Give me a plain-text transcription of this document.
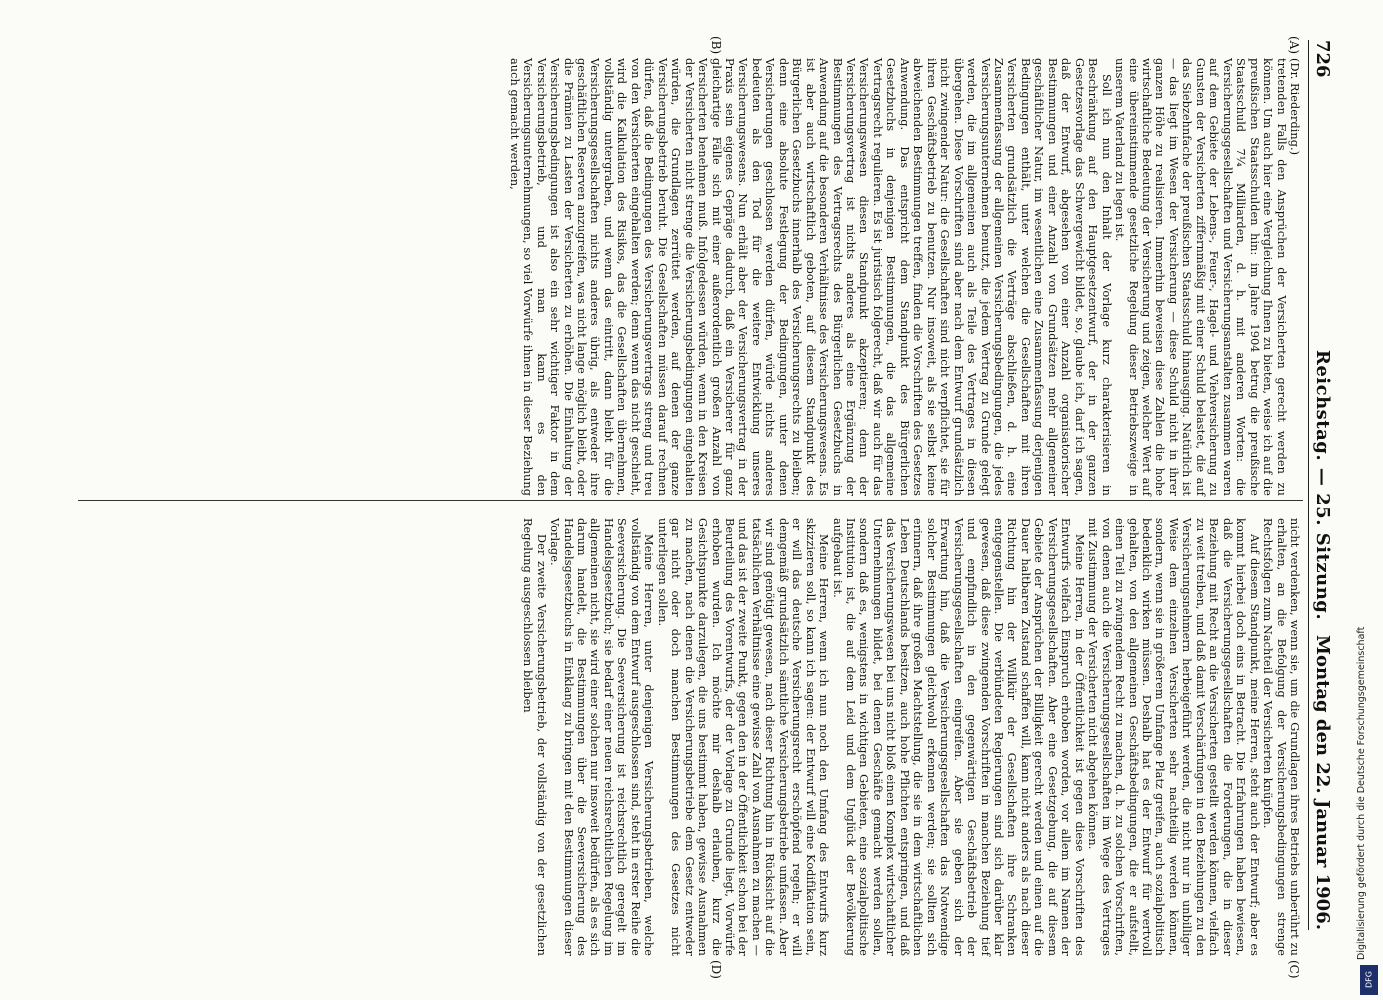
726
Reichstag. — 25. Sitzung.
Montag den 22. Januar 1906.
(A)
(B)
(C)
(D)

(Dr. Riederding.)

tretenden Falls den Ansprüchen der Versicherten gerecht werden zu können. Um auch hier eine Vergleichung Ihnen zu bieten, weise ich auf die preußischen Staatsschulden hin: im Jahre 1904 betrug die preußische Staatsschuld 7¼ Milliarden, d. h. mit anderen Worten: die Versicherungsgesellschaften und Versicherungsanstalten zusammen waren auf dem Gebiete der Lebens-, Feuer-, Hagel- und Viehversicherung zu Gunsten der Versicherten ziffernmäßig mit einer Schuld belastet, die auf das Siebzehnfache der preußischen Staatsschuld hinausging. Natürlich ist — das liegt im Wesen der Versicherung — diese Schuld nicht in ihrer ganzen Höhe zu realisieren. Immerhin beweisen diese Zahlen die hohe wirtschaftliche Bedeutung der Versicherung und zeigen, welcher Wert auf eine übereinstimmende gesetzliche Regelung dieser Betriebszweige in unserem Vaterland zu legen ist.

Soll ich nun den Inhalt der Vorlage kurz charakterisieren in Beschränkung auf den Hauptgesetzentwurf, der in der ganzen Gesetzesvorlage das Schwergewicht bildet, so, glaube ich, darf ich sagen, daß der Entwurf, abgesehen von einer Anzahl organisatorischer Bestimmungen und einer Anzahl von Grundsätzen mehr allgemeiner geschäftlicher Natur, im wesentlichen eine Zusammenfassung derjenigen Bedingungen enthält, unter welchen die Gesellschaften mit ihren Versicherten grundsätzlich die Verträge abschließen, d. h. eine Zusammenfassung der allgemeinen Versicherungsbedingungen, die jedes Versicherungsunternehmen benutzt, die jedem Vertrag zu Grunde gelegt werden, die im allgemeinen auch als Teile des Vertrages in diesen übergehen. Diese Vorschriften sind aber nach dem Entwurf grundsätzlich nicht zwingender Natur: die Gesellschaften sind nicht verpflichtet, sie für ihren Geschäftsbetrieb zu benutzen. Nur insoweit, als sie selbst keine abweichenden Bestimmungen treffen, finden die Vorschriften des Gesetzes Anwendung. Das entspricht dem Standpunkt des Bürgerlichen Gesetzbuchs in denjenigen Bestimmungen, die das allgemeine Vertragsrecht regulieren. Es ist juristisch folgerecht, daß wir auch für das Versicherungswesen diesen Standpunkt akzeptieren; denn der Versicherungsvertrag ist nichts anderes als eine Ergänzung der Bestimmungen des Vertragsrechts des Bürgerlichen Gesetzbuchs in Anwendung auf die besonderen Verhältnisse des Versicherungswesens. Es ist aber auch wirtschaftlich geboten, auf diesem Standpunkt des Bürgerlichen Gesetzbuchs innerhalb des Versicherungsrechts zu bleiben; denn eine absolute Festlegung der Bedingungen, unter denen Versicherungen geschlossen werden dürfen, würde nichts anderes bedeuten als den Tod für die weitere Entwicklung unseres Versicherungswesens. Nun erhält aber der Versicherungsvertrag in der Praxis sein eigenes Gepräge dadurch, daß ein Versicherer für ganz gleichartige Fälle sich mit einer außerordentlich großen Anzahl von Versicherten benehmen muß. Infolgedessen würden, wenn in den Kreisen der Versicherten nicht strenge die Versicherungsbedingungen eingehalten würden, die Grundlagen zerrüttet werden, auf denen der ganze Versicherungsbetrieb beruht. Die Gesellschaften müssen darauf rechnen dürfen, daß die Bedingungen des Versicherungsvertrags streng und treu von den Versicherten eingehalten werden; denn wenn das nicht geschieht, wird die Kalkulation des Risikos, das die Gesellschaften übernehmen, vollständig untergraben, und wenn das eintritt, dann bleibt für die Versicherungsgesellschaften nichts anderes übrig, als entweder ihre geschäftlichen Reserven anzugreifen, was nicht lange möglich bleibt, oder die Prämien zu Lasten der Versicherten zu erhöhen. Die Einhaltung der Versicherungsbedingungen ist also ein sehr wichtiger Faktor in dem Versicherungsbetrieb, und man kann es den Versicherungsunternehmungen, so viel Vorwürfe ihnen in dieser Beziehung auch gemacht werden,

nicht verdenken, wenn sie, um die Grundlagen ihres Betriebs unberührt zu erhalten, an die Befolgung der Versicherungsbedingungen strenge Rechtsfolgen zum Nachteil der Versicherten knüpfen.

Auf diesem Standpunkt, meine Herren, steht auch der Entwurf; aber es kommt hierbei doch eins in Betracht. Die Erfahrungen haben bewiesen, daß die Versicherungsgesellschaften die Forderungen, die in dieser Beziehung mit Recht an die Versicherten gestellt werden können, vielfach zu weit treiben, und daß damit Verschärfungen in den Beziehungen zu den Versicherungsnehmern herbeigeführt werden, die nicht nur in unbilliger Weise dem einzelnen Versicherten sehr nachteilig werden können, sondern, wenn sie in größerem Umfange Platz greifen, auch sozialpolitisch bedenklich wirken müssen. Deshalb hat es der Entwurf für wertvoll gehalten, von den allgemeinen Geschäftsbedingungen, die er aufstellt, einen Teil zu zwingendem Recht zu machen, d. h. zu solchen Vorschriften, von denen auch die Versicherungsgesellschaften im Wege des Vertrages mit Zustimmung der Versicherten nicht abgehen können.

Meine Herren, in der Öffentlichkeit ist gegen diese Vorschriften des Entwurfs vielfach Einspruch erhoben worden, vor allem im Namen der Versicherungsgesellschaften. Aber eine Gesetzgebung, die auf diesem Gebiete der Ansprüchen der Billigkeit gerecht werden und einen auf die Dauer haltbaren Zustand schaffen will, kann nicht anders als nach dieser Richtung hin der Willkür der Gesellschaften ihre Schranken entgegenstellen. Die verbündeten Regierungen sind sich darüber klar gewesen, daß diese zwingenden Vorschriften in manchen Beziehung tief und empfindlich in den gegenwärtigen Geschäftsbetrieb der Versicherungsgesellschaften eingreifen. Aber sie geben sich der Erwartung hin, daß die Versicherungsgesellschaften das Notwendige solcher Bestimmungen gleichwohl erkennen werden; sie sollten sich erinnern, daß ihre großen Machtstellung, die sie in dem wirtschaftlichen Leben Deutschlands besitzen, auch hohe Pflichten entspringen, und daß das Versicherungswesen bei uns nicht bloß einen Komplex wirtschaftlicher Unternehmungen bildet, bei denen Geschäfte gemacht werden sollen, sondern daß es, wenigstens in wichtigen Gebieten, eine sozialpolitische Institution ist, die auf dem Leid und dem Unglück der Bevölkerung aufgebaut ist.

Meine Herren, wenn ich nun noch den Umfang des Entwurfs kurz skizzieren soll, so kann ich sagen: der Entwurf will eine Kodifikation sein, er will das deutsche Versicherungsrecht erschöpfend regeln; er will demgemäß grundsätzlich sämtliche Versicherungsbetriebe umfassen. Aber wir sind genötigt gewesen, nach dieser Richtung hin in Rücksicht auf die tatsächlichen Verhältnisse eine gewisse Zahl von Ausnahmen zu machen — und das ist der zweite Punkt, gegen den in der Öffentlichkeit schon bei der Beurteilung des Vorentwurfs, der der Vorlage zu Grunde liegt, Vorwürfe erhoben wurden. Ich möchte mir deshalb erlauben, kurz die Gesichtspunkte darzulegen, die uns bestimmt haben, gewisse Ausnahmen zu machen, nach denen die Versicherungsbetriebe dem Gesetz entweder gar nicht oder doch manchen Bestimmungen des Gesetzes nicht unterliegen sollen.

Meine Herren, unter denjenigen Versicherungsbetrieben, welche vollständig von dem Entwurf ausgeschlossen sind, steht in erster Reihe die Seeversicherung. Die Seeversicherung ist reichsrechtlich geregelt im Handelsgesetzbuch; sie bedarf einer neuen reichsrechtlichen Regelung im allgemeinen nicht, sie wird einer solchen nur insoweit bedürfen, als es sich darum handelt, die Bestimmungen über die Seeversicherung des Handelsgesetzbuchs in Einklang zu bringen mit den Bestimmungen dieser Vorlage.

Der zweite Versicherungsbetrieb, der vollständig von der gesetzlichen Regelung ausgeschlossen bleiben

Digitalisierung gefördert durch die Deutsche Forschungsgemeinschaft
DFG
